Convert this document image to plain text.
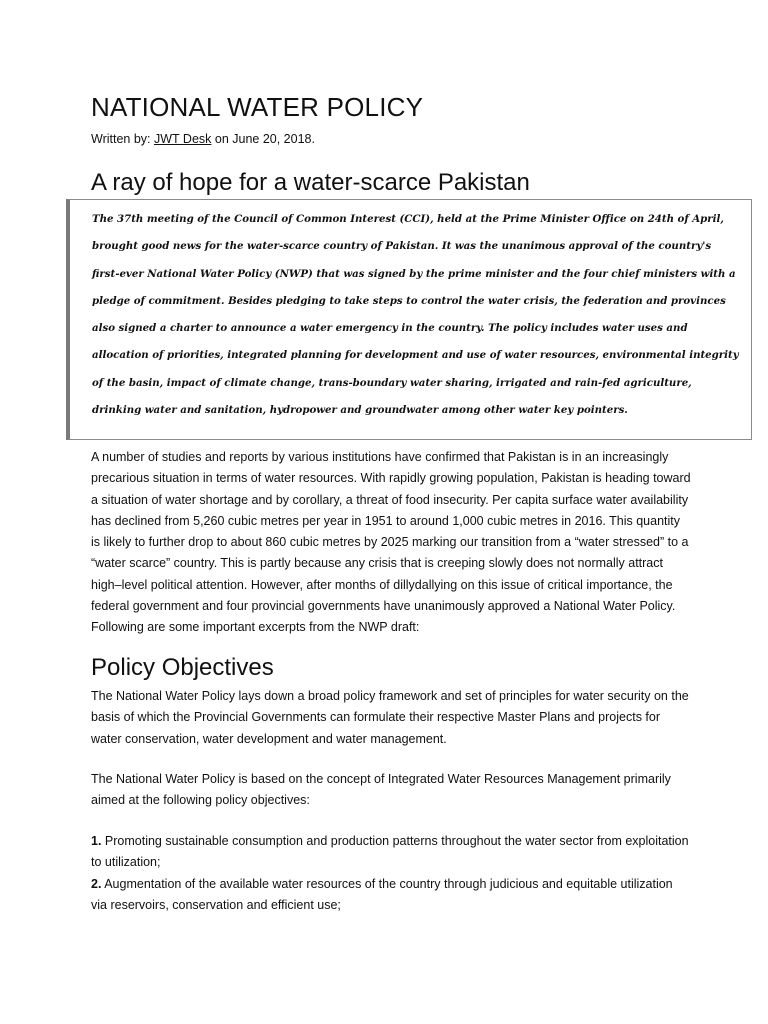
NATIONAL WATER POLICY

Written by: JWT Desk on June 20, 2018.

A ray of hope for a water-scarce Pakistan

The 37th meeting of the Council of Common Interest (CCI), held at the Prime Minister Office on 24th of April, brought good news for the water-scarce country of Pakistan. It was the unanimous approval of the country's first-ever National Water Policy (NWP) that was signed by the prime minister and the four chief ministers with a pledge of commitment. Besides pledging to take steps to control the water crisis, the federation and provinces also signed a charter to announce a water emergency in the country. The policy includes water uses and allocation of priorities, integrated planning for development and use of water resources, environmental integrity of the basin, impact of climate change, trans-boundary water sharing, irrigated and rain-fed agriculture, drinking water and sanitation, hydropower and groundwater among other water key pointers.

A number of studies and reports by various institutions have confirmed that Pakistan is in an increasingly precarious situation in terms of water resources. With rapidly growing population, Pakistan is heading toward a situation of water shortage and by corollary, a threat of food insecurity. Per capita surface water availability has declined from 5,260 cubic metres per year in 1951 to around 1,000 cubic metres in 2016. This quantity is likely to further drop to about 860 cubic metres by 2025 marking our transition from a “water stressed” to a “water scarce” country. This is partly because any crisis that is creeping slowly does not normally attract high–level political attention. However, after months of dillydallying on this issue of critical importance, the federal government and four provincial governments have unanimously approved a National Water Policy. Following are some important excerpts from the NWP draft:

Policy Objectives

The National Water Policy lays down a broad policy framework and set of principles for water security on the basis of which the Provincial Governments can formulate their respective Master Plans and projects for water conservation, water development and water management.

The National Water Policy is based on the concept of Integrated Water Resources Management primarily aimed at the following policy objectives:

1. Promoting sustainable consumption and production patterns throughout the water sector from exploitation to utilization;
2. Augmentation of the available water resources of the country through judicious and equitable utilization via reservoirs, conservation and efficient use;
